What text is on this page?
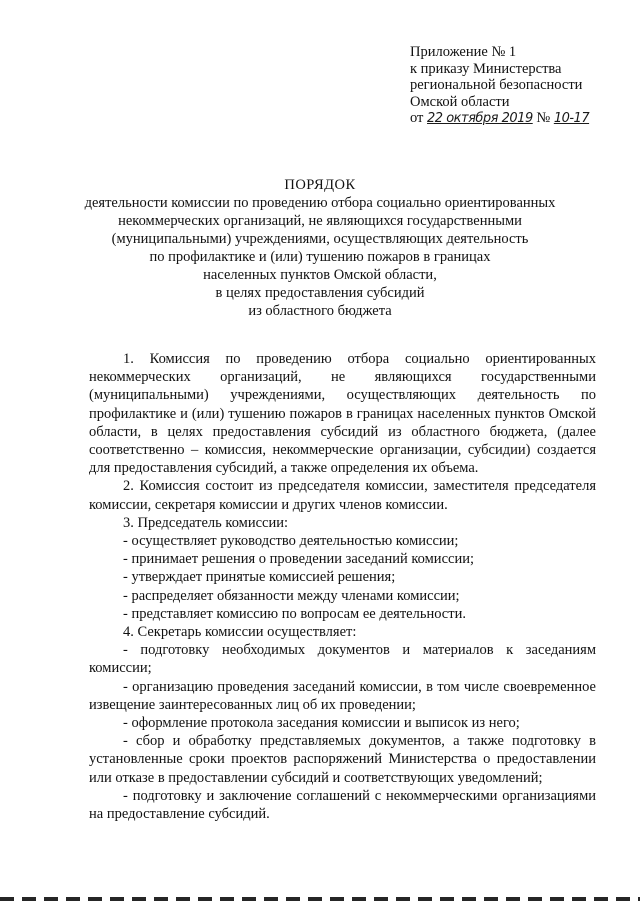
Приложение № 1
к приказу Министерства
региональной безопасности
Омской области
от 22 октября 2019 № 10-17
ПОРЯДОК
деятельности комиссии по проведению отбора социально ориентированных
некоммерческих организаций, не являющихся государственными
(муниципальными) учреждениями, осуществляющих деятельность
по профилактике и (или) тушению пожаров в границах
населенных пунктов Омской области,
в целях предоставления субсидий
из областного бюджета

1. Комиссия по проведению отбора социально ориентированных некоммерческих организаций, не являющихся государственными (муниципальными) учреждениями, осуществляющих деятельность по профилактике и (или) тушению пожаров в границах населенных пунктов Омской области, в целях предоставления субсидий из областного бюджета, (далее соответственно – комиссия, некоммерческие организации, субсидии) создается для предоставления субсидий, а также определения их объема.

2. Комиссия состоит из председателя комиссии, заместителя председателя комиссии, секретаря комиссии и других членов комиссии.

3. Председатель комиссии:

- осуществляет руководство деятельностью комиссии;

- принимает решения о проведении заседаний комиссии;

- утверждает принятые комиссией решения;

- распределяет обязанности между членами комиссии;

- представляет комиссию по вопросам ее деятельности.

4. Секретарь комиссии осуществляет:

- подготовку необходимых документов и материалов к заседаниям комиссии;

- организацию проведения заседаний комиссии, в том числе своевременное извещение заинтересованных лиц об их проведении;

- оформление протокола заседания комиссии и выписок из него;

- сбор и обработку представляемых документов, а также подготовку в установленные сроки проектов распоряжений Министерства о предоставлении или отказе в предоставлении субсидий и соответствующих уведомлений;

- подготовку и заключение соглашений с некоммерческими организациями на предоставление субсидий.
